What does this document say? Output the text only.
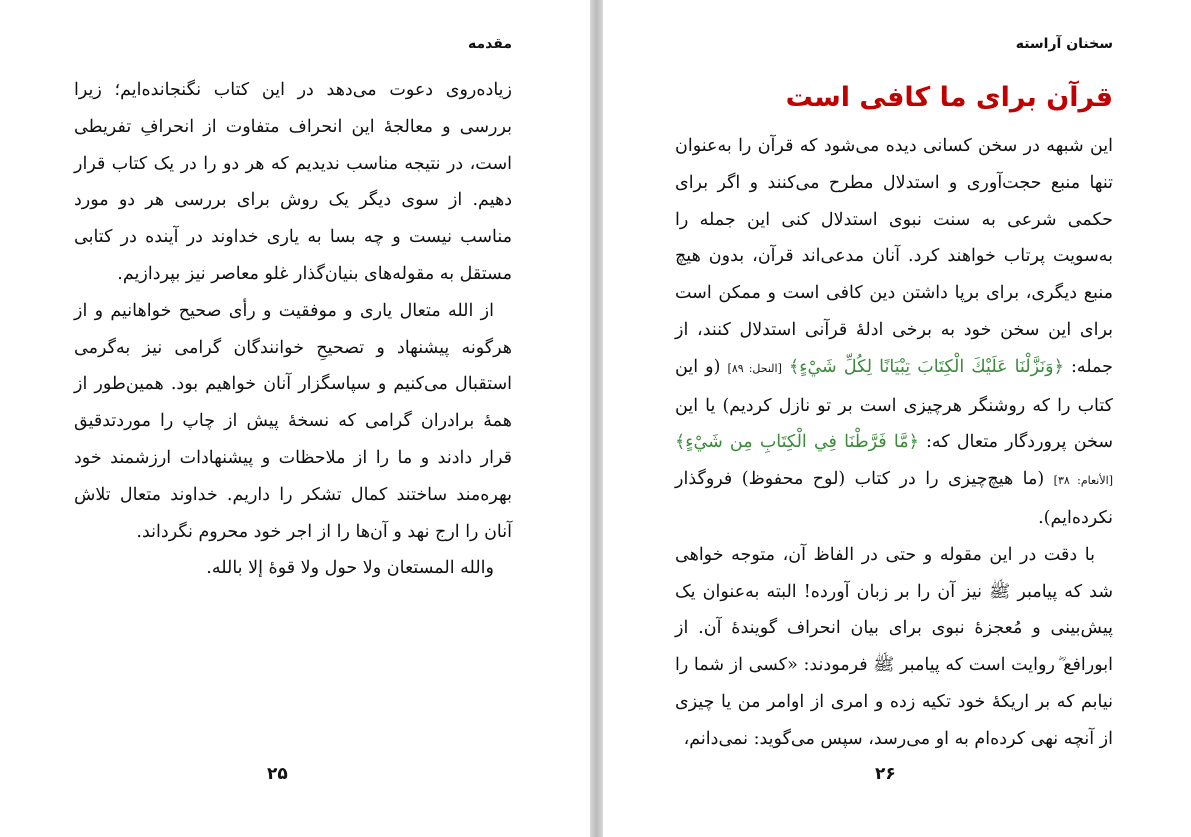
مقدمه

زیاده‌روی دعوت می‌دهد در این کتاب نگنجانده‌ایم؛ زیرا بررسی و معالجۀ این انحراف متفاوت از انحرافِ تفریطی است، در نتیجه مناسب ندیدیم که هر دو را در یک کتاب قرار دهیم. از سوی دیگر یک روش برای بررسی هر دو مورد مناسب نیست و چه بسا به یاری خداوند در آینده در کتابی مستقل به مقوله‌های بنیان‌گذار غلو معاصر نیز بپردازیم.

از الله متعال یاری و موفقیت و رأی صحیح خواهانیم و از هرگونه پیشنهاد و تصحیحِ خوانندگان گرامی نیز به‌گرمی استقبال می‌کنیم و سپاسگزار آنان خواهیم بود. همین‌طور از همۀ برادران گرامی که نسخۀ پیش از چاپ را موردتدقیق قرار دادند و ما را از ملاحظات و پیشنهادات ارزشمند خود بهره‌مند ساختند کمال تشکر را داریم. خداوند متعال تلاش آنان را ارج نهد و آن‌ها را از اجر خود محروم نگرداند.

والله المستعان ولا حول ولا قوۀ إلا بالله.

۲۵
سخنان آراسته
قرآن برای ما کافی است

این شبهه در سخن کسانی دیده می‌شود که قرآن را به‌عنوان تنها منبع حجت‌آوری و استدلال مطرح می‌کنند و اگر برای حکمی شرعی به سنت نبوی استدلال کنی این جمله را به‌سویت پرتاب خواهند کرد. آنان مدعی‌اند قرآن، بدون هیچ منبع دیگری، برای برپا داشتن دین کافی است و ممکن است برای این سخن خود به برخی ادلۀ قرآنی استدلال کنند، از جمله: ﴿وَنَزَّلْنَا عَلَيْكَ الْكِتَابَ تِبْيَانًا لِكُلِّ شَيْءٍ﴾ [النحل: ۸۹] (و این کتاب را که روشنگر هرچیزی است بر تو نازل کردیم) یا این سخن پروردگار متعال که: ﴿مَّا فَرَّطْنَا فِي الْكِتَابِ مِن شَيْءٍ﴾ [الأنعام: ۳۸] (ما هیچ‌چیزی را در کتاب (لوح محفوظ) فروگذار نکرده‌ایم).

با دقت در این مقوله و حتی در الفاظ آن، متوجه خواهی شد که پیامبر ﷺ نیز آن را بر زبان آورده! البته به‌عنوان یک پیش‌بینی و مُعجزۀ نبوی برای بیان انحراف گویندۀ آن. از ابورافع ؓ روایت است که پیامبر ﷺ فرمودند: «کسی از شما را نیابم که بر اریکۀ خود تکیه زده و امری از اوامر من یا چیزی از آنچه نهی کرده‌ام به او می‌رسد، سپس می‌گوید: نمی‌دانم،

۲۶
